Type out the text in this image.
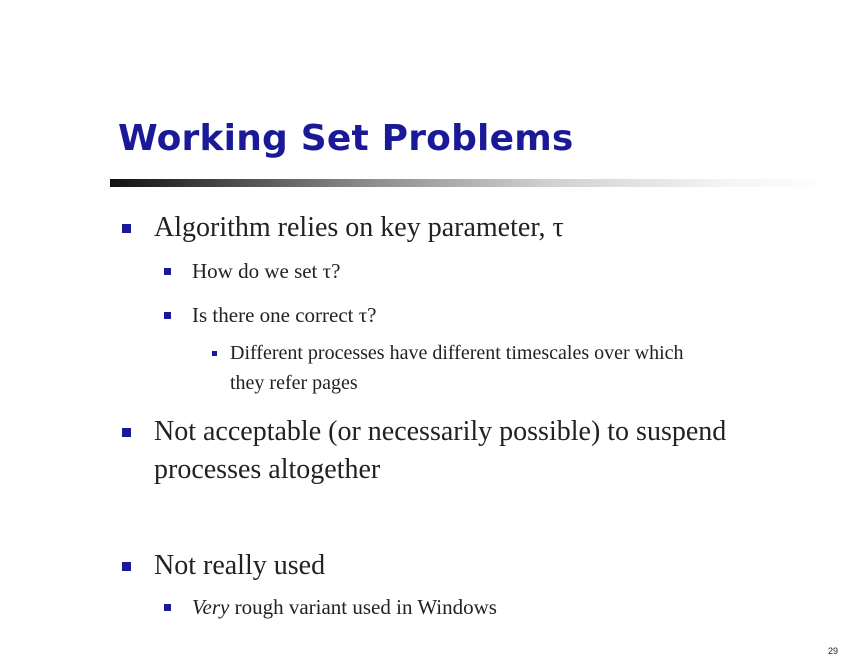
Working Set Problems
Algorithm relies on key parameter, τ
How do we set τ?
Is there one correct τ?
Different processes have different timescales over which
they refer pages
Not acceptable (or necessarily possible) to suspend
processes altogether
Not really used
Very rough variant used in Windows
29
